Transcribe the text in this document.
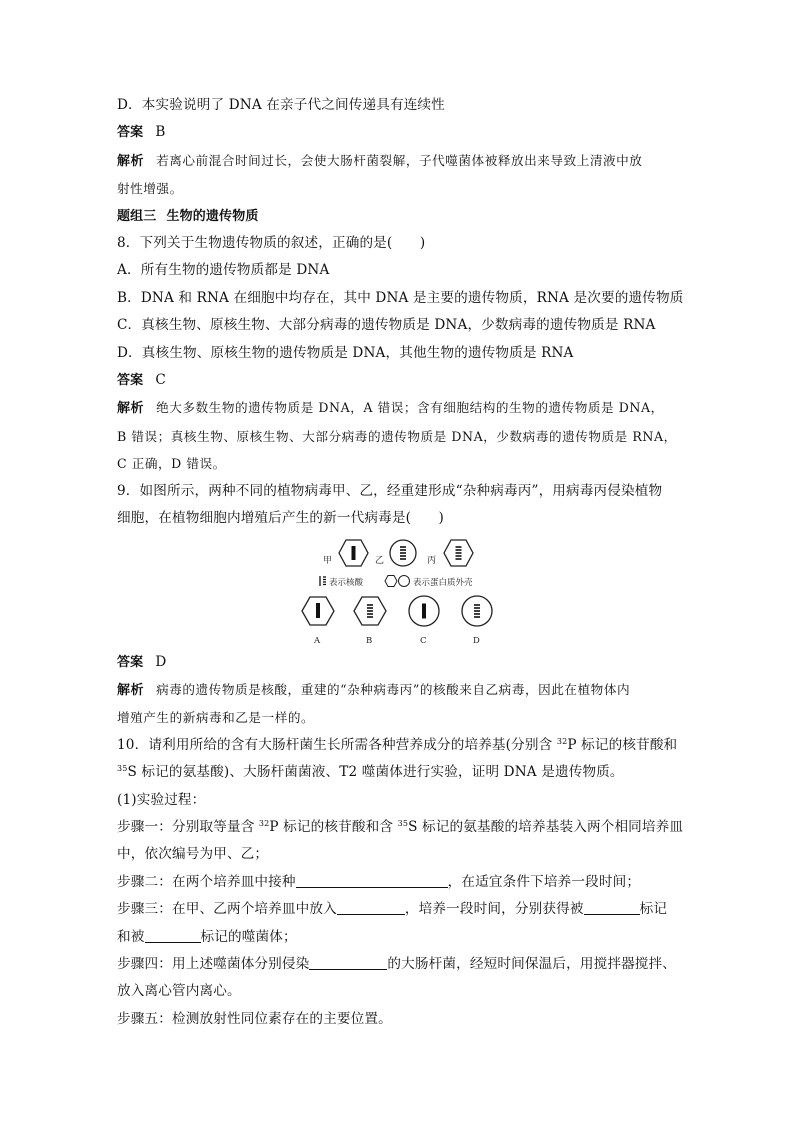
D．本实验说明了 DNA 在亲子代之间传递具有连续性
答案 B
解析 若离心前混合时间过长，会使大肠杆菌裂解，子代噬菌体被释放出来导致上清液中放
射性增强。
题组三 生物的遗传物质
8．下列关于生物遗传物质的叙述，正确的是(　　)
A．所有生物的遗传物质都是 DNA
B．DNA 和 RNA 在细胞中均存在，其中 DNA 是主要的遗传物质，RNA 是次要的遗传物质
C．真核生物、原核生物、大部分病毒的遗传物质是 DNA，少数病毒的遗传物质是 RNA
D．真核生物、原核生物的遗传物质是 DNA，其他生物的遗传物质是 RNA
答案 C
解析 绝大多数生物的遗传物质是 DNA，A 错误；含有细胞结构的生物的遗传物质是 DNA，
B 错误；真核生物、原核生物、大部分病毒的遗传物质是 DNA，少数病毒的遗传物质是 RNA，
C 正确，D 错误。
9．如图所示，两种不同的植物病毒甲、乙，经重建形成“杂种病毒丙”，用病毒丙侵染植物
细胞，在植物细胞内增殖后产生的新一代病毒是(　　)
甲	乙	丙
表示核酸	表示蛋白质外壳
A	B	C	D
答案 D
解析 病毒的遗传物质是核酸，重建的“杂种病毒丙”的核酸来自乙病毒，因此在植物体内
增殖产生的新病毒和乙是一样的。
10．请利用所给的含有大肠杆菌生长所需各种营养成分的培养基(分别含 $^{32}$P 标记的核苷酸和
$^{35}$S 标记的氨基酸)、大肠杆菌菌液、T2 噬菌体进行实验，证明 DNA 是遗传物质。
(1)实验过程：
步骤一：分别取等量含 $^{32}$P 标记的核苷酸和含 $^{35}$S 标记的氨基酸的培养基装入两个相同培养皿
中，依次编号为甲、乙；
步骤二：在两个培养皿中接种	，在适宜条件下培养一段时间；
步骤三：在甲、乙两个培养皿中放入	，培养一段时间，分别获得被	标记
和被	标记的噬菌体；
步骤四：用上述噬菌体分别侵染	的大肠杆菌，经短时间保温后，用搅拌器搅拌、
放入离心管内离心。
步骤五：检测放射性同位素存在的主要位置。
